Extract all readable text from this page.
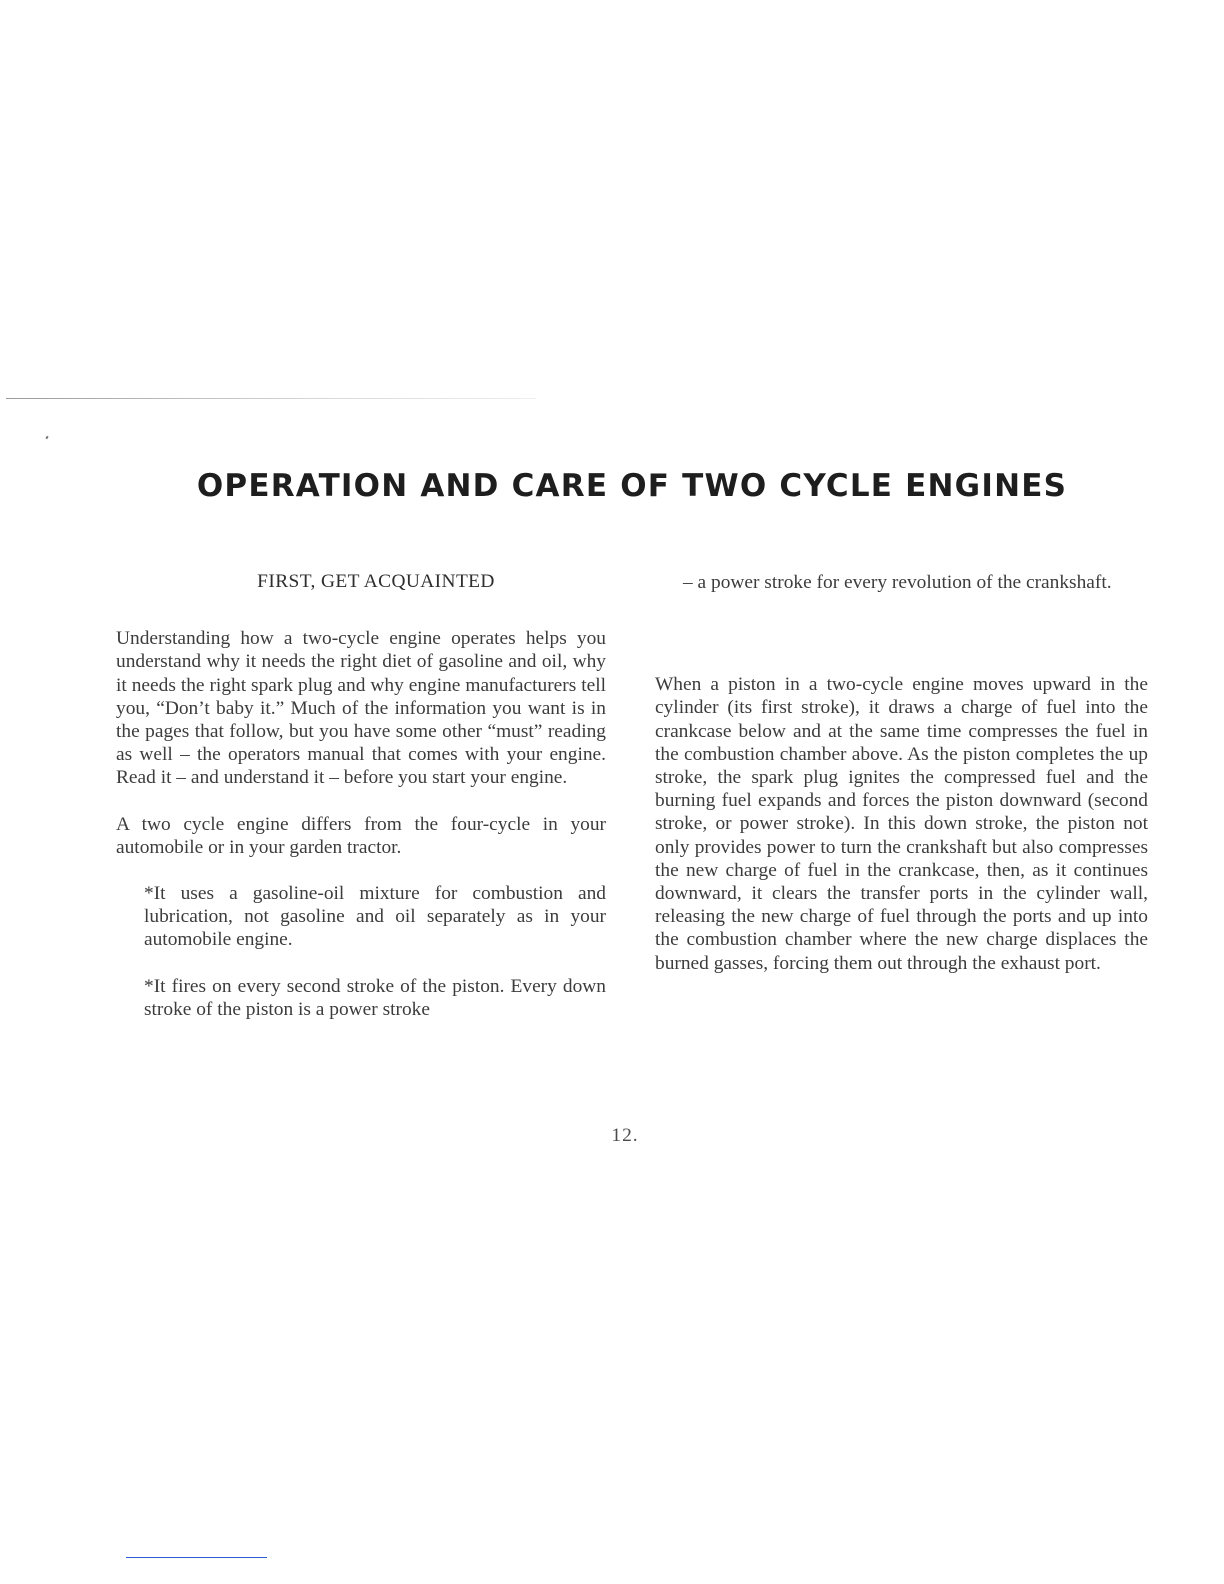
OPERATION AND CARE OF TWO CYCLE ENGINES

FIRST, GET ACQUAINTED

Understanding how a two-cycle engine operates helps you understand why it needs the right diet of gasoline and oil, why it needs the right spark plug and why engine manufacturers tell you, “Don’t baby it.” Much of the information you want is in the pages that follow, but you have some other “must” reading as well – the operators manual that comes with your engine. Read it – and understand it – before you start your engine.

A two cycle engine differs from the four-cycle in your automobile or in your garden tractor.

*It uses a gasoline-oil mixture for combustion and lubrication, not gasoline and oil separately as in your automobile engine.

*It fires on every second stroke of the piston. Every down stroke of the piston is a power stroke

– a power stroke for every revolution of the crankshaft.

When a piston in a two-cycle engine moves upward in the cylinder (its first stroke), it draws a charge of fuel into the crankcase below and at the same time compresses the fuel in the combustion chamber above. As the piston completes the up stroke, the spark plug ignites the compressed fuel and the burning fuel expands and forces the piston downward (second stroke, or power stroke). In this down stroke, the piston not only provides power to turn the crankshaft but also compresses the new charge of fuel in the crankcase, then, as it continues downward, it clears the transfer ports in the cylinder wall, releasing the new charge of fuel through the ports and up into the combustion chamber where the new charge displaces the burned gasses, forcing them out through the exhaust port.

12.
